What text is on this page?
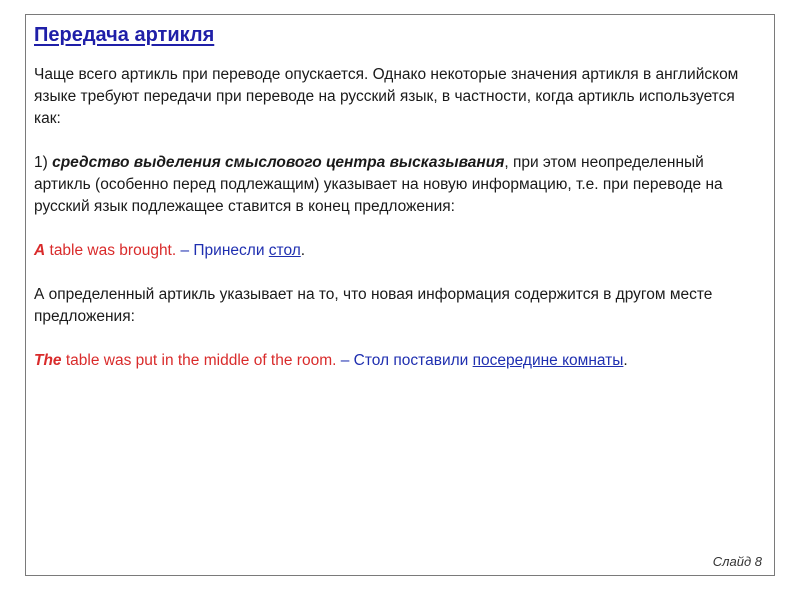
Передача артикля

Чаще всего артикль при переводе опускается. Однако некоторые значения артикля в английском языке требуют передачи при переводе на русский язык, в частности, когда артикль используется как:

1) средство выделения смыслового центра высказывания, при этом неопределенный артикль (особенно перед подлежащим) указывает на новую информацию, т.е. при переводе на русский язык подлежащее ставится в конец предложения:

A table was brought. – Принесли стол.

А определенный артикль указывает на то, что новая информация содержится в другом месте предложения:

The table was put in the middle of the room. – Стол поставили посередине комнаты.

Слайд 8
